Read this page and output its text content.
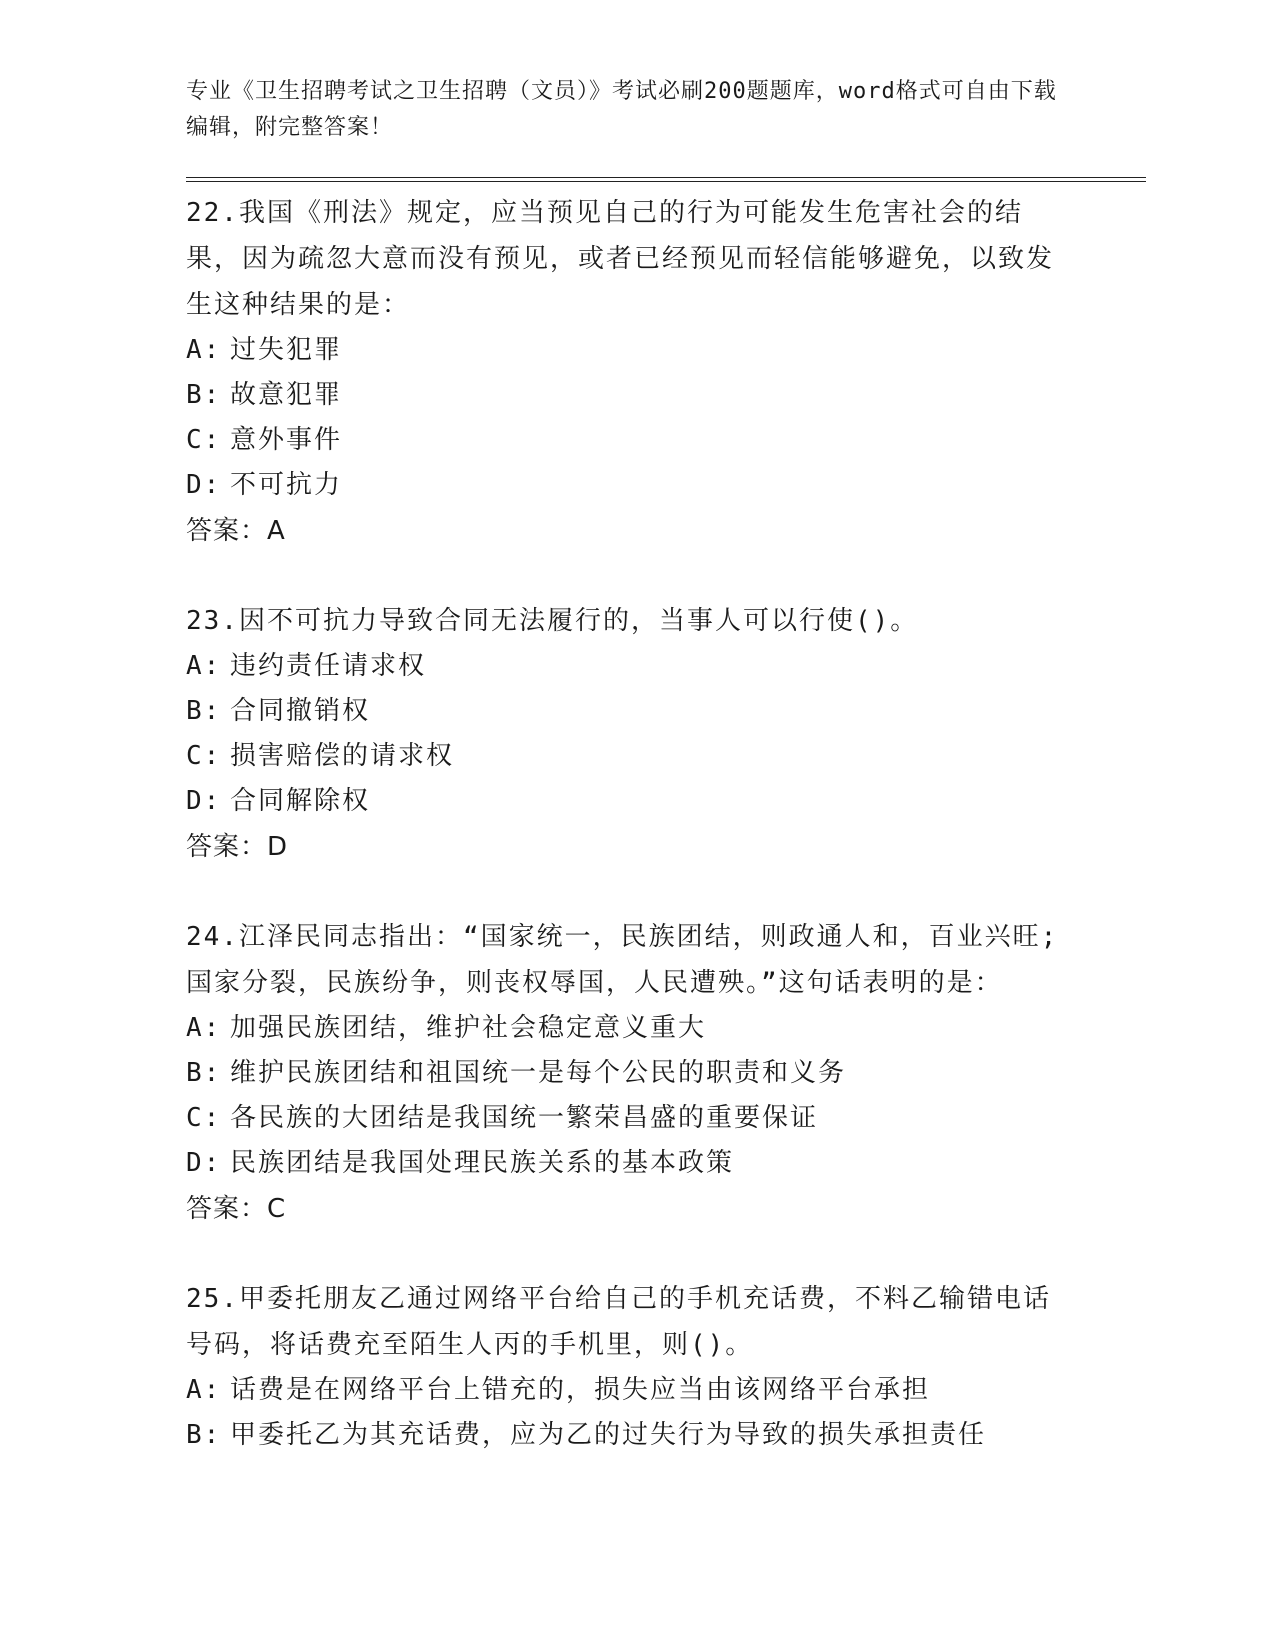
专业《卫生招聘考试之卫生招聘（文员）》考试必刷200题题库，word格式可自由下载编辑，附完整答案！
22.我国《刑法》规定，应当预见自己的行为可能发生危害社会的结果，因为疏忽大意而没有预见，或者已经预见而轻信能够避免，以致发生这种结果的是：
A: 过失犯罪
B: 故意犯罪
C: 意外事件
D: 不可抗力
答案：A
23.因不可抗力导致合同无法履行的，当事人可以行使()。
A: 违约责任请求权
B: 合同撤销权
C: 损害赔偿的请求权
D: 合同解除权
答案：D
24.江泽民同志指出：“国家统一，民族团结，则政通人和，百业兴旺;国家分裂，民族纷争，则丧权辱国，人民遭殃。”这句话表明的是：
A: 加强民族团结，维护社会稳定意义重大
B: 维护民族团结和祖国统一是每个公民的职责和义务
C: 各民族的大团结是我国统一繁荣昌盛的重要保证
D: 民族团结是我国处理民族关系的基本政策
答案：C
25.甲委托朋友乙通过网络平台给自己的手机充话费，不料乙输错电话号码，将话费充至陌生人丙的手机里，则()。
A: 话费是在网络平台上错充的，损失应当由该网络平台承担
B: 甲委托乙为其充话费，应为乙的过失行为导致的损失承担责任
